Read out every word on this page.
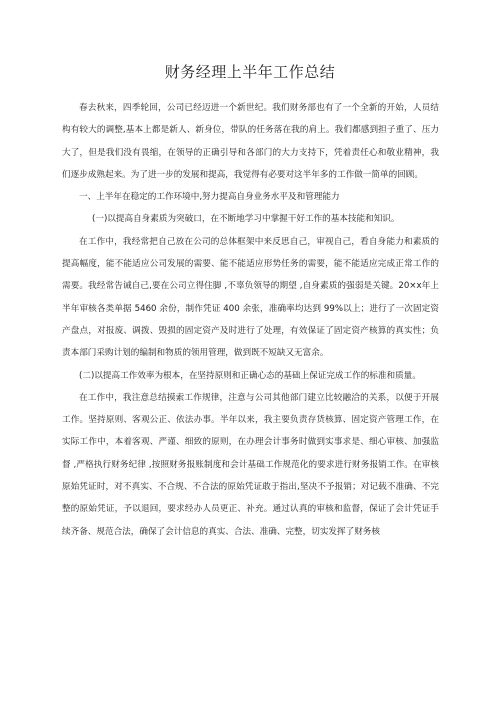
财务经理上半年工作总结

春去秋来，四季轮回，公司已经迈进一个新世纪。我们财务部也有了一个全新的开始，人员结构有较大的调整,基本上都是新人、新身位，带队的任务落在我的肩上。我们都感到担子重了、压力大了，但是我们没有畏缩，在领导的正确引导和各部门的大力支持下，凭着责任心和敬业精神，我们逐步成熟起来。为了进一步的发展和提高，我觉得有必要对这半年多的工作做一简单的回顾。

一、上半年在稳定的工作环境中,努力提高自身业务水平及和管理能力

(一)以提高自身素质为突破口，在不断地学习中掌握干好工作的基本技能和知识。

在工作中，我经常把自己放在公司的总体框架中来反思自己，审视自己，看自身能力和素质的提高幅度，能不能适应公司发展的需要、能不能适应形势任务的需要，能不能适应完成正常工作的需要。我经常告诫自己,要在公司立得住脚 ,不辜负领导的期望 ,自身素质的强弱是关键。20×x年上半年审核各类单据 5460 余份，制作凭证 400 余张，准确率均达到 99%以上；进行了一次固定资产盘点，对报废、调拨、毁损的固定资产及时进行了处理，有效保证了固定资产核算的真实性；负责本部门采购计划的编制和物质的领用管理，做到既不短缺又无富余。

(二)以提高工作效率为根本，在坚持原则和正确心态的基础上保证完成工作的标准和质量。

在工作中，我注意总结摸索工作规律，注意与公司其他部门建立比较融洽的关系，以便于开展工作。坚持原则、客观公正、依法办事。半年以来，我主要负责存货核算、固定资产管理工作，在实际工作中，本着客观、严谨、细致的原则，在办理会计事务时做到实事求是、细心审核、加强监督 ,严格执行财务纪律 ,按照财务报账制度和会计基础工作规范化的要求进行财务报销工作。在审核原始凭证时，对不真实、不合规、不合法的原始凭证敢于指出,坚决不予报销；对记载不准确、不完整的原始凭证，予以退回，要求经办人员更正、补充。通过认真的审核和监督，保证了会计凭证手续齐备、规范合法，确保了会计信息的真实、合法、准确、完整，切实发挥了财务核
